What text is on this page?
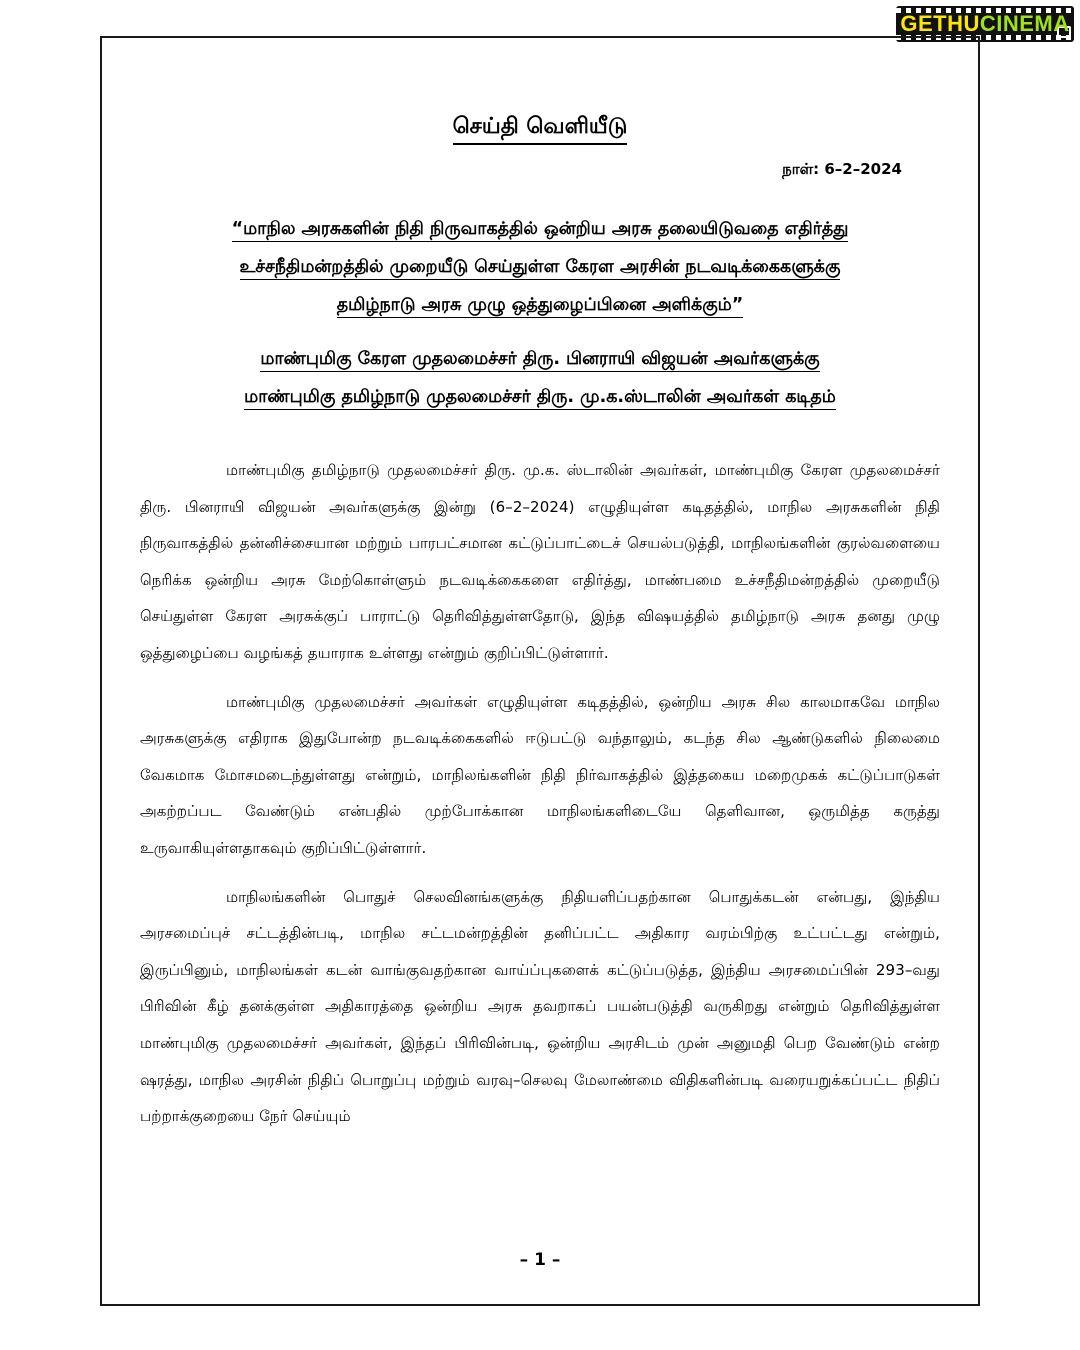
GETHUCINEMA
செய்தி வெளியீடு
நாள்: 6–2–2024
“மாநில அரசுகளின் நிதி நிருவாகத்தில் ஒன்றிய அரசு தலையிடுவதை எதிர்த்து
உச்சநீதிமன்றத்தில் முறையீடு செய்துள்ள கேரள அரசின் நடவடிக்கைகளுக்கு
தமிழ்நாடு அரசு முழு ஒத்துழைப்பினை அளிக்கும்”
மாண்புமிகு கேரள முதலமைச்சர் திரு. பினராயி விஜயன் அவர்களுக்கு
மாண்புமிகு தமிழ்நாடு முதலமைச்சர் திரு. மு.க.ஸ்டாலின் அவர்கள் கடிதம்

மாண்புமிகு தமிழ்நாடு முதலமைச்சர் திரு. மு.க. ஸ்டாலின் அவர்கள், மாண்புமிகு கேரள முதலமைச்சர் திரு. பினராயி விஜயன் அவர்களுக்கு இன்று (6–2–2024) எழுதியுள்ள கடிதத்தில், மாநில அரசுகளின் நிதி நிருவாகத்தில் தன்னிச்சையான மற்றும் பாரபட்சமான கட்டுப்பாட்டைச் செயல்படுத்தி, மாநிலங்களின் குரல்வளையை நெரிக்க ஒன்றிய அரசு மேற்கொள்ளும் நடவடிக்கைகளை எதிர்த்து, மாண்பமை உச்சநீதிமன்றத்தில் முறையீடு செய்துள்ள கேரள அரசுக்குப் பாராட்டு தெரிவித்துள்ளதோடு, இந்த விஷயத்தில் தமிழ்நாடு அரசு தனது முழு ஒத்துழைப்பை வழங்கத் தயாராக உள்ளது என்றும் குறிப்பிட்டுள்ளார்.

மாண்புமிகு முதலமைச்சர் அவர்கள் எழுதியுள்ள கடிதத்தில், ஒன்றிய அரசு சில காலமாகவே மாநில அரசுகளுக்கு எதிராக இதுபோன்ற நடவடிக்கைகளில் ஈடுபட்டு வந்தாலும், கடந்த சில ஆண்டுகளில் நிலைமை வேகமாக மோசமடைந்துள்ளது என்றும், மாநிலங்களின் நிதி நிர்வாகத்தில் இத்தகைய மறைமுகக் கட்டுப்பாடுகள் அகற்றப்பட வேண்டும் என்பதில் முற்போக்கான மாநிலங்களிடையே தெளிவான, ஒருமித்த கருத்து உருவாகியுள்ளதாகவும் குறிப்பிட்டுள்ளார்.

மாநிலங்களின் பொதுச் செலவினங்களுக்கு நிதியளிப்பதற்கான பொதுக்கடன் என்பது, இந்திய அரசமைப்புச் சட்டத்தின்படி, மாநில சட்டமன்றத்தின் தனிப்பட்ட அதிகார வரம்பிற்கு உட்பட்டது என்றும், இருப்பினும், மாநிலங்கள் கடன் வாங்குவதற்கான வாய்ப்புகளைக் கட்டுப்படுத்த, இந்திய அரசமைப்பின் 293–வது பிரிவின் கீழ் தனக்குள்ள அதிகாரத்தை ஒன்றிய அரசு தவறாகப் பயன்படுத்தி வருகிறது என்றும் தெரிவித்துள்ள மாண்புமிகு முதலமைச்சர் அவர்கள், இந்தப் பிரிவின்படி, ஒன்றிய அரசிடம் முன் அனுமதி பெற வேண்டும் என்ற ஷரத்து, மாநில அரசின் நிதிப் பொறுப்பு மற்றும் வரவு–செலவு மேலாண்மை விதிகளின்படி வரையறுக்கப்பட்ட நிதிப் பற்றாக்குறையை நேர் செய்யும்

– 1 –
